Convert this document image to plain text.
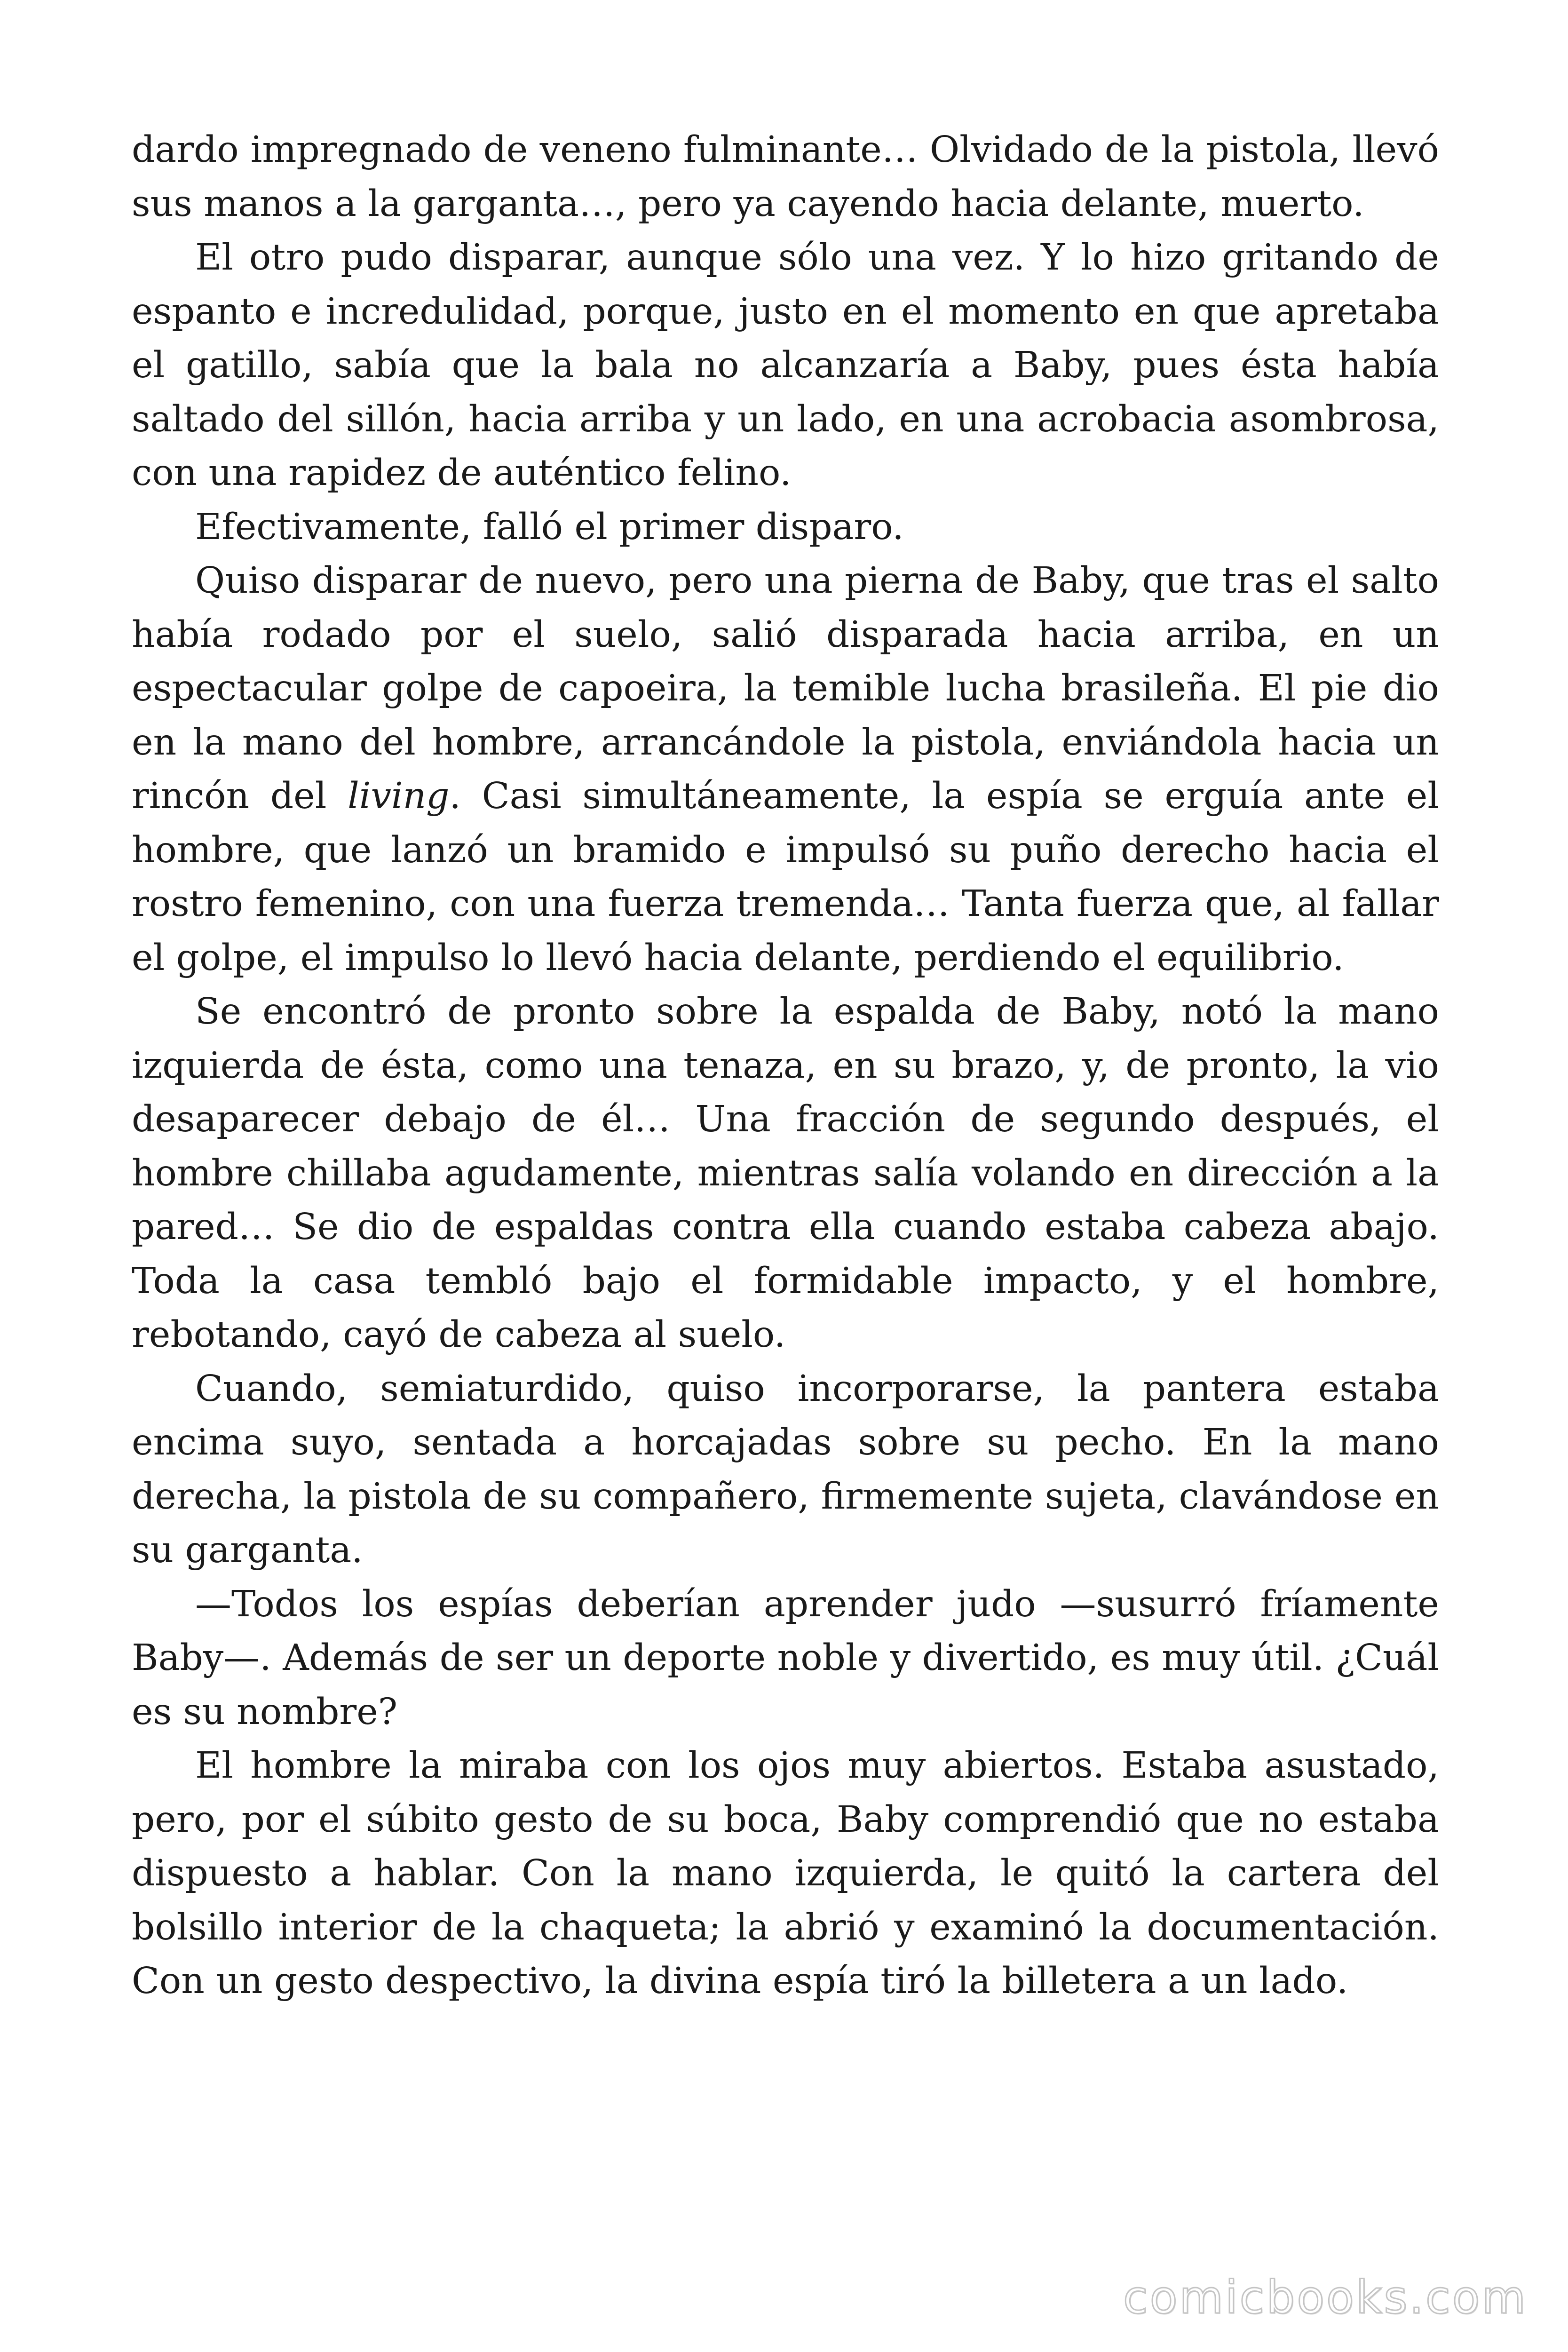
dardo impregnado de veneno fulminante… Olvidado de la pistola, llevó sus manos a la garganta…, pero ya cayendo hacia delante, muerto.

El otro pudo disparar, aunque sólo una vez. Y lo hizo gritando de espanto e incredulidad, porque, justo en el momento en que apretaba el gatillo, sabía que la bala no alcanzaría a Baby, pues ésta había saltado del sillón, hacia arriba y un lado, en una acrobacia asombrosa, con una rapidez de auténtico felino.

Efectivamente, falló el primer disparo.

Quiso disparar de nuevo, pero una pierna de Baby, que tras el salto había rodado por el suelo, salió disparada hacia arriba, en un espectacular golpe de capoeira, la temible lucha brasileña. El pie dio en la mano del hombre, arrancándole la pistola, enviándola hacia un rincón del living. Casi simultáneamente, la espía se erguía ante el hombre, que lanzó un bramido e impulsó su puño derecho hacia el rostro femenino, con una fuerza tremenda… Tanta fuerza que, al fallar el golpe, el impulso lo llevó hacia delante, perdiendo el equilibrio.

Se encontró de pronto sobre la espalda de Baby, notó la mano izquierda de ésta, como una tenaza, en su brazo, y, de pronto, la vio desaparecer debajo de él… Una fracción de segundo después, el hombre chillaba agudamente, mientras salía volando en dirección a la pared… Se dio de espaldas contra ella cuando estaba cabeza abajo. Toda la casa tembló bajo el formidable impacto, y el hombre, rebotando, cayó de cabeza al suelo.

Cuando, semiaturdido, quiso incorporarse, la pantera estaba encima suyo, sentada a horcajadas sobre su pecho. En la mano derecha, la pistola de su compañero, firmemente sujeta, clavándose en su garganta.

—Todos los espías deberían aprender judo —susurró fríamente Baby—. Además de ser un deporte noble y divertido, es muy útil. ¿Cuál es su nombre?

El hombre la miraba con los ojos muy abiertos. Estaba asustado, pero, por el súbito gesto de su boca, Baby comprendió que no estaba dispuesto a hablar. Con la mano izquierda, le quitó la cartera del bolsillo interior de la chaqueta; la abrió y examinó la documentación. Con un gesto despectivo, la divina espía tiró la billetera a un lado.

comicbooks.com
